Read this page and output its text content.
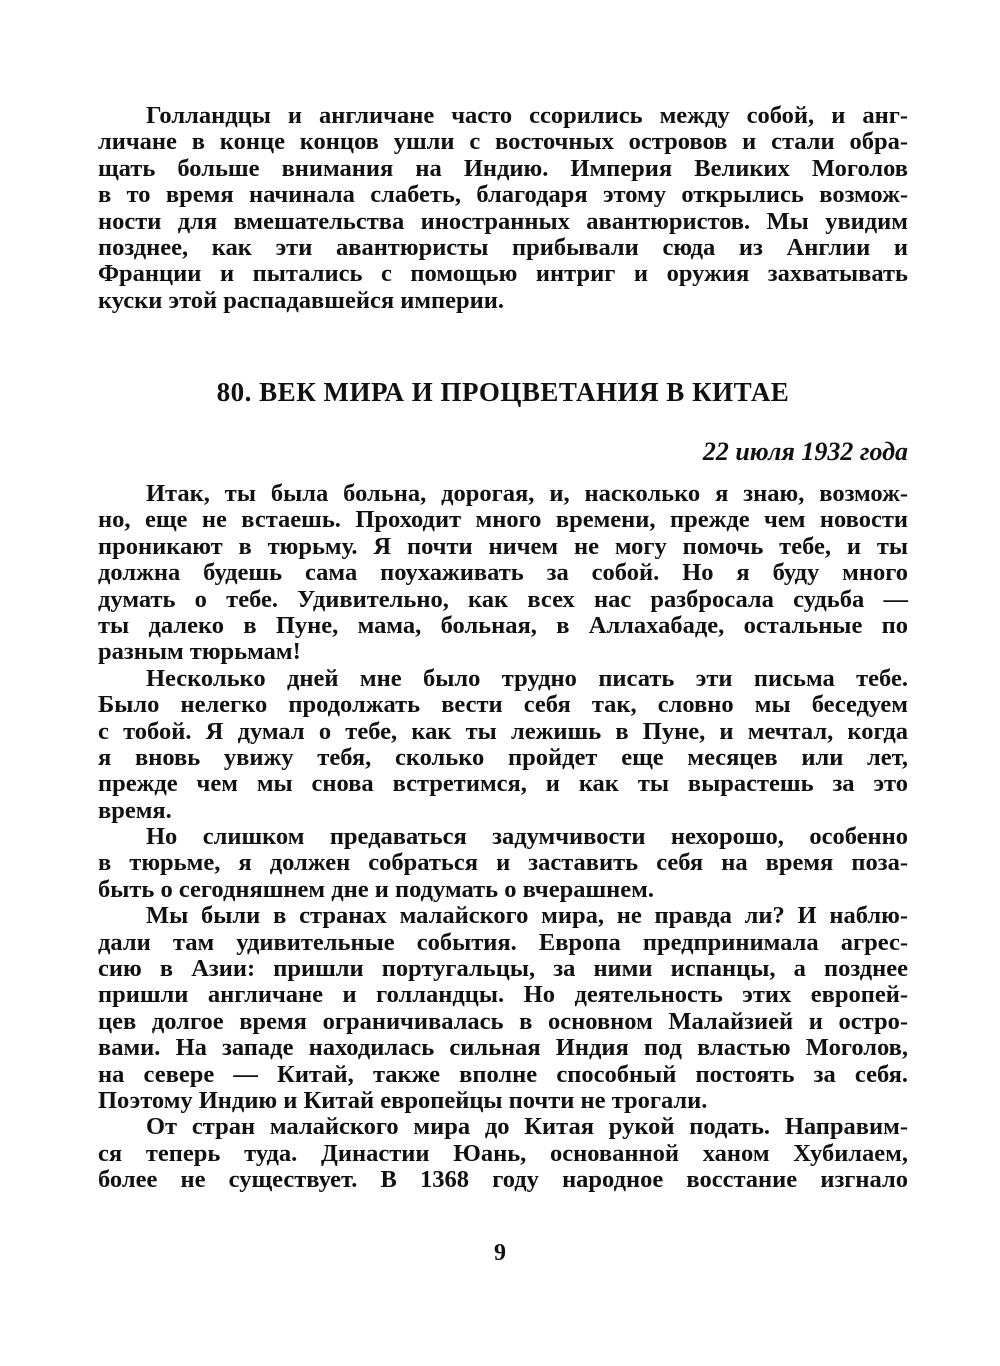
Голландцы и англичане часто ссорились между собой, и анг-
личане в конце концов ушли с восточных островов и стали обра-
щать больше внимания на Индию. Империя Великих Моголов
в то время начинала слабеть, благодаря этому открылись возмож-
ности для вмешательства иностранных авантюристов. Мы увидим
позднее, как эти авантюристы прибывали сюда из Англии и
Франции и пытались с помощью интриг и оружия захватывать
куски этой распадавшейся империи.
80. ВЕК МИРА И ПРОЦВЕТАНИЯ В КИТАЕ
22 июля 1932 года
Итак, ты была больна, дорогая, и, насколько я знаю, возмож-
но, еще не встаешь. Проходит много времени, прежде чем новости
проникают в тюрьму. Я почти ничем не могу помочь тебе, и ты
должна будешь сама поухаживать за собой. Но я буду много
думать о тебе. Удивительно, как всех нас разбросала судьба —
ты далеко в Пуне, мама, больная, в Аллахабаде, остальные по
разным тюрьмам!
Несколько дней мне было трудно писать эти письма тебе.
Было нелегко продолжать вести себя так, словно мы беседуем
с тобой. Я думал о тебе, как ты лежишь в Пуне, и мечтал, когда
я вновь увижу тебя, сколько пройдет еще месяцев или лет,
прежде чем мы снова встретимся, и как ты вырастешь за это
время.
Но слишком предаваться задумчивости нехорошо, особенно
в тюрьме, я должен собраться и заставить себя на время поза-
быть о сегодняшнем дне и подумать о вчерашнем.
Мы были в странах малайского мира, не правда ли? И наблю-
дали там удивительные события. Европа предпринимала агрес-
сию в Азии: пришли португальцы, за ними испанцы, а позднее
пришли англичане и голландцы. Но деятельность этих европей-
цев долгое время ограничивалась в основном Малайзией и остро-
вами. На западе находилась сильная Индия под властью Моголов,
на севере — Китай, также вполне способный постоять за себя.
Поэтому Индию и Китай европейцы почти не трогали.
От стран малайского мира до Китая рукой подать. Направим-
ся теперь туда. Династии Юань, основанной ханом Хубилаем,
более не существует. В 1368 году народное восстание изгнало
9
